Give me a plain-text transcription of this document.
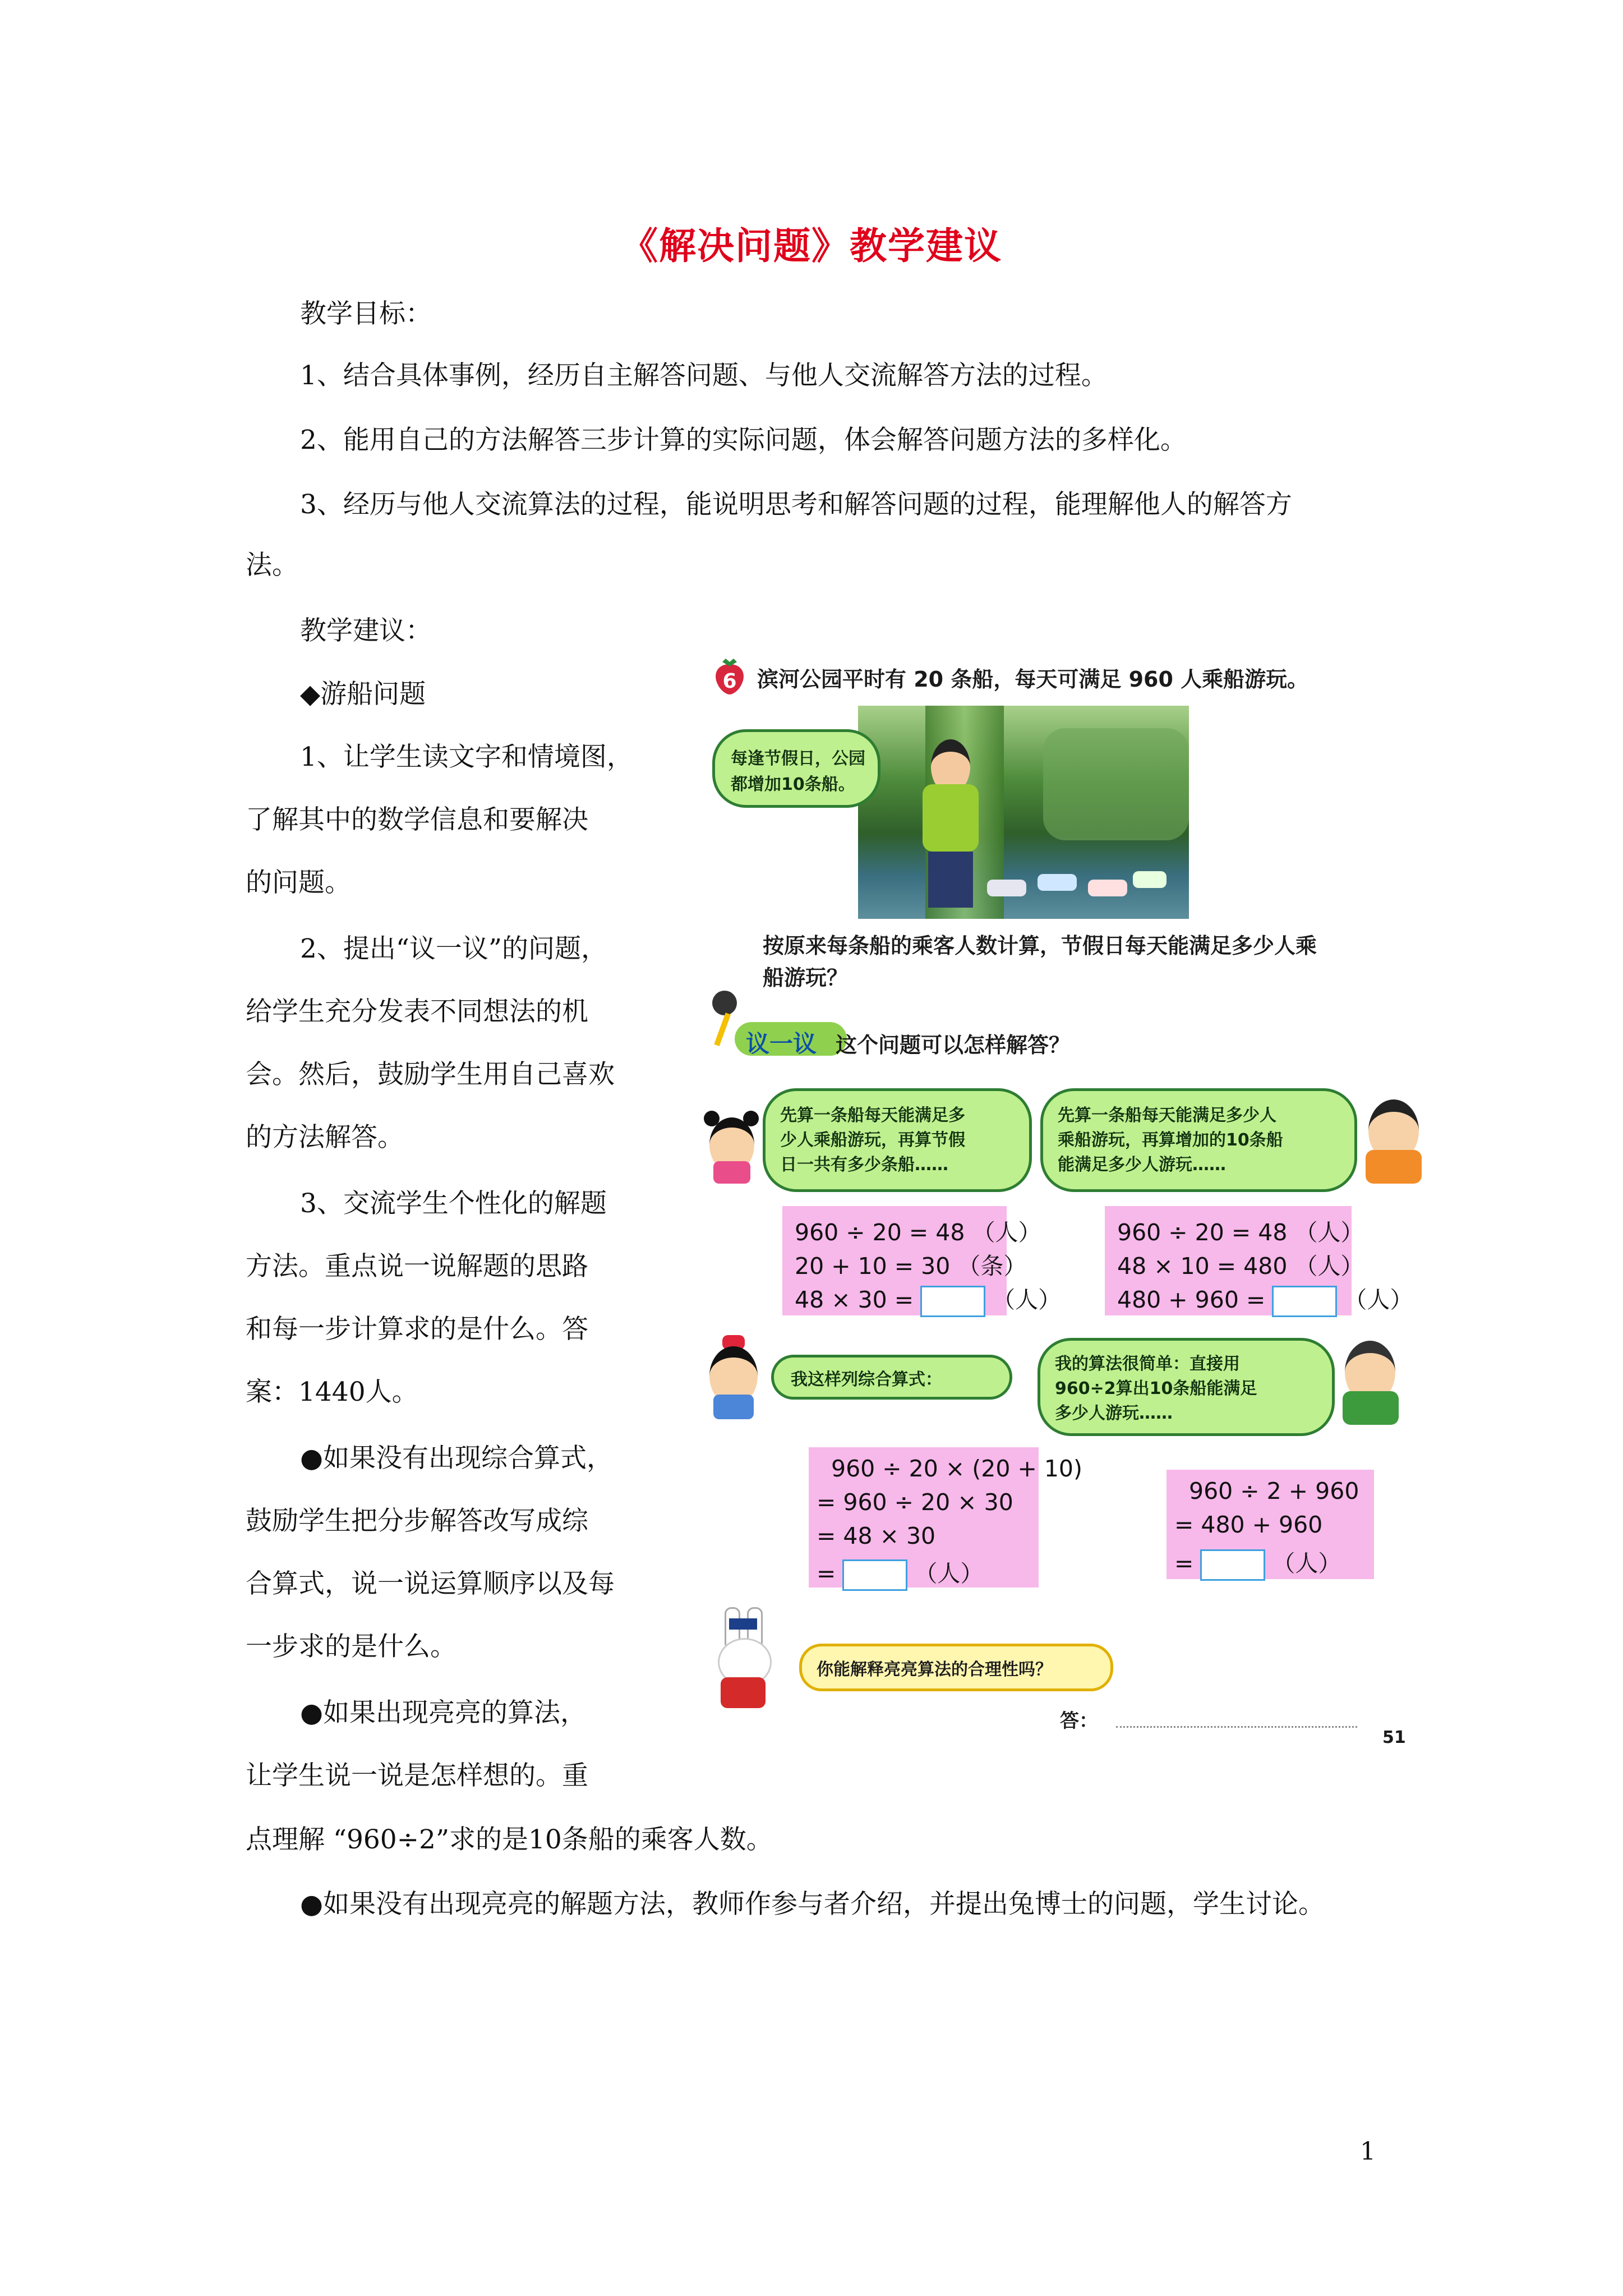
《解决问题》教学建议
教学目标：
1、结合具体事例，经历自主解答问题、与他人交流解答方法的过程。
2、能用自己的方法解答三步计算的实际问题，体会解答问题方法的多样化。
3、经历与他人交流算法的过程，能说明思考和解答问题的过程，能理解他人的解答方
法。
教学建议：
◆游船问题
1、让学生读文字和情境图，
了解其中的数学信息和要解决
的问题。
2、提出“议一议”的问题，
给学生充分发表不同想法的机
会。然后，鼓励学生用自己喜欢
的方法解答。
3、交流学生个性化的解题
方法。重点说一说解题的思路
和每一步计算求的是什么。答
案：1440人。
●如果没有出现综合算式，
鼓励学生把分步解答改写成综
合算式，说一说运算顺序以及每
一步求的是什么。
●如果出现亮亮的算法，
让学生说一说是怎样想的。重
点理解 “960÷2”求的是10条船的乘客人数。
●如果没有出现亮亮的解题方法，教师作参与者介绍，并提出兔博士的问题，学生讨论。
6 滨河公园平时有 20 条船，每天可满足 960 人乘船游玩。
每逢节假日，公园
都增加10条船。
按原来每条船的乘客人数计算，节假日每天能满足多少人乘
船游玩？
议一议 这个问题可以怎样解答？
先算一条船每天能满足多
少人乘船游玩，再算节假
日一共有多少条船……
先算一条船每天能满足多少人
乘船游玩，再算增加的10条船
能满足多少人游玩……
960 ÷ 20 = 48 （人）
20 + 10 = 30 （条）
48 × 30 =	（人）
960 ÷ 20 = 48 （人）
48 × 10 = 480 （人）
480 + 960 =	（人）
我这样列综合算式：
我的算法很简单：直接用
960÷2算出10条船能满足
多少人游玩……
960 ÷ 20 × (20 + 10)
= 960 ÷ 20 × 30
= 48 × 30
=	（人）
960 ÷ 2 + 960
= 480 + 960
=	（人）
你能解释亮亮算法的合理性吗？
答：
51
1
